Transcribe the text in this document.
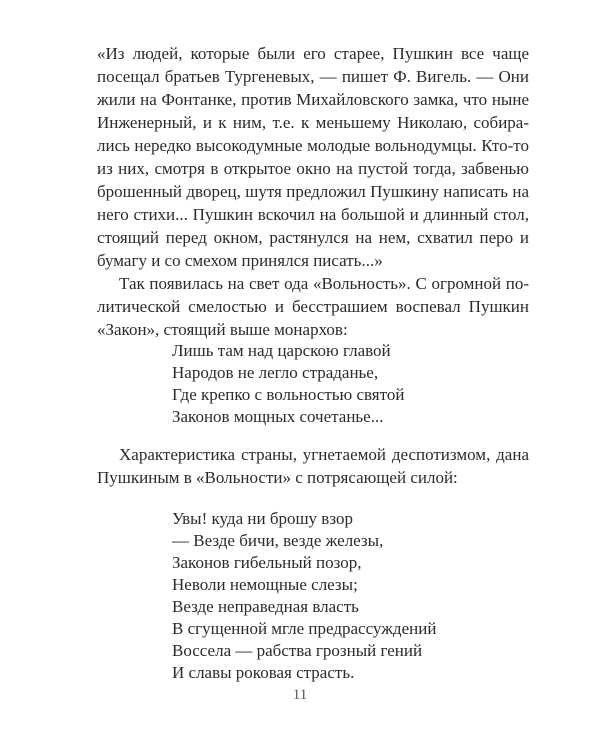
«Из людей, которые были его старее, Пушкин все чаще
посещал братьев Тургеневых, — пишет Ф. Вигель. — Они
жили на Фонтанке, против Михайловского замка, что ныне
Инженерный, и к ним, т.е. к меньшему Николаю, собира-
лись нередко высокодумные молодые вольнодумцы. Кто-то
из них, смотря в открытое окно на пустой тогда, забвенью
брошенный дворец, шутя предложил Пушкину написать на
него стихи... Пушкин вскочил на большой и длинный стол,
стоящий перед окном, растянулся на нем, схватил перо и
бумагу и со смехом принялся писать...»
Так появилась на свет ода «Вольность». С огромной по-
литической смелостью и бесстрашием воспевал Пушкин
«Закон», стоящий выше монархов:
Лишь там над царскою главой
Народов не легло страданье,
Где крепко с вольностью святой
Законов мощных сочетанье...
Характеристика страны, угнетаемой деспотизмом, дана
Пушкиным в «Вольности» с потрясающей силой:
Увы! куда ни брошу взор
— Везде бичи, везде железы,
Законов гибельный позор,
Неволи немощные слезы;
Везде неправедная власть
В сгущенной мгле предрассуждений
Воссела — рабства грозный гений
И славы роковая страсть.
11
